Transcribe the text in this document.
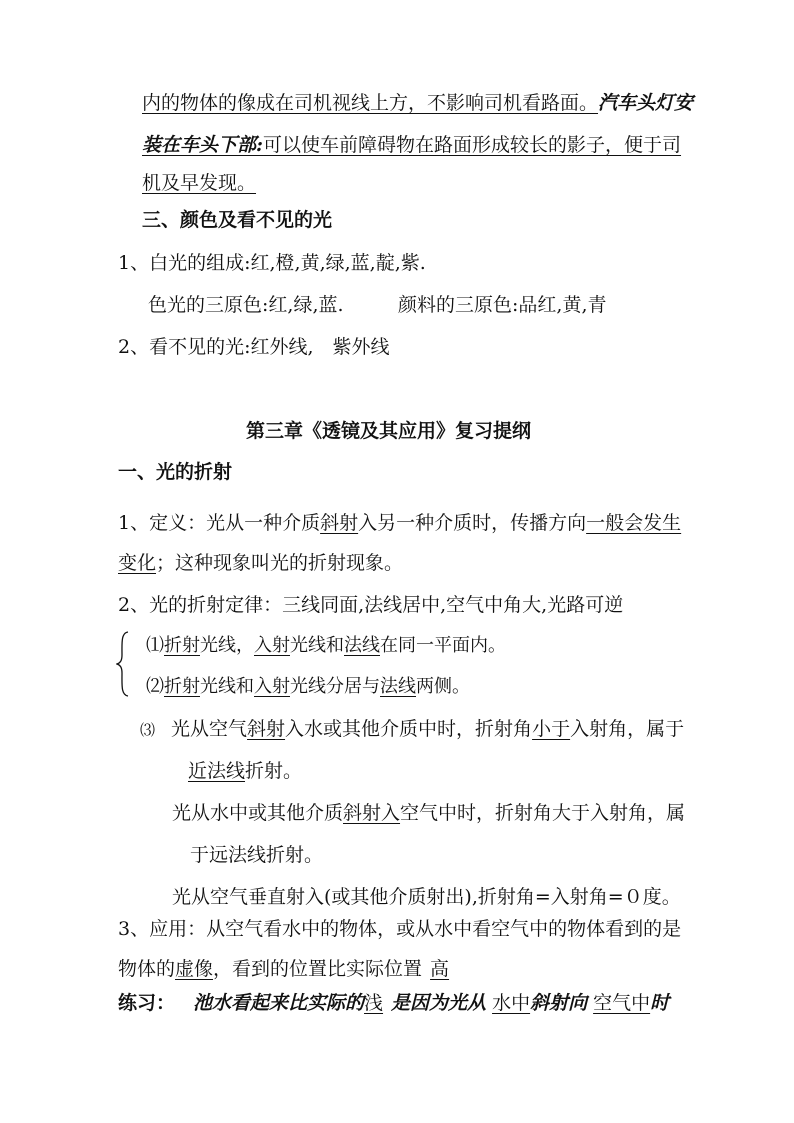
内的物体的像成在司机视线上方，不影响司机看路面。汽车头灯安
装在车头下部:可以使车前障碍物在路面形成较长的影子，便于司
机及早发现。
三、颜色及看不见的光
1、白光的组成:红,橙,黄,绿,蓝,靛,紫.
色光的三原色:红,绿,蓝.	颜料的三原色:品红,黄,青
2、看不见的光:红外线,　紫外线
第三章《透镜及其应用》复习提纲
一、光的折射
1、定义：光从一种介质斜射入另一种介质时，传播方向一般会发生
变化；这种现象叫光的折射现象。
2、光的折射定律：三线同面,法线居中,空气中角大,光路可逆
⑴折射光线，入射光线和法线在同一平面内。
⑵折射光线和入射光线分居与法线两侧。
⑶ 光从空气斜射入水或其他介质中时，折射角小于入射角，属于
近法线折射。
光从水中或其他介质斜射入空气中时，折射角大于入射角，属
于远法线折射。
光从空气垂直射入(或其他介质射出),折射角=入射角=０度。
3、应用：从空气看水中的物体，或从水中看空气中的物体看到的是
物体的虚像，看到的位置比实际位置 高
练习： 池水看起来比实际的浅 是因为光从 水中斜射向 空气中时
